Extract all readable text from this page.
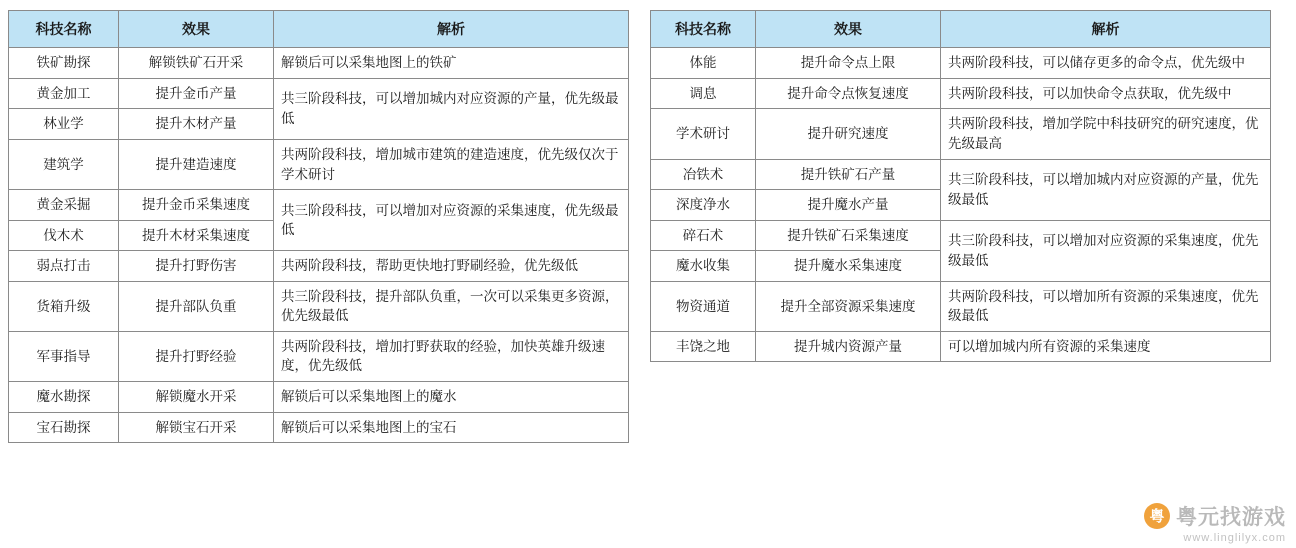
科技名称	效果	解析
铁矿勘探	解锁铁矿石开采	解锁后可以采集地图上的铁矿
黄金加工	提升金币产量	共三阶段科技，可以增加城内对应资源的产量，优先级最低
林业学	提升木材产量	
建筑学	提升建造速度	共两阶段科技，增加城市建筑的建造速度，优先级仅次于学术研讨
黄金采掘	提升金币采集速度	共三阶段科技，可以增加对应资源的采集速度，优先级最低
伐木术	提升木材采集速度	
弱点打击	提升打野伤害	共两阶段科技，帮助更快地打野刷经验，优先级低
货箱升级	提升部队负重	共三阶段科技，提升部队负重，一次可以采集更多资源，优先级最低
军事指导	提升打野经验	共两阶段科技，增加打野获取的经验，加快英雄升级速度，优先级低
魔水勘探	解锁魔水开采	解锁后可以采集地图上的魔水
宝石勘探	解锁宝石开采	解锁后可以采集地图上的宝石
科技名称	效果	解析
体能	提升命令点上限	共两阶段科技，可以储存更多的命令点，优先级中
调息	提升命令点恢复速度	共两阶段科技，可以加快命令点获取，优先级中
学术研讨	提升研究速度	共两阶段科技，增加学院中科技研究的研究速度，优先级最高
冶铁术	提升铁矿石产量	共三阶段科技，可以增加城内对应资源的产量，优先级最低
深度净水	提升魔水产量	
碎石术	提升铁矿石采集速度	共三阶段科技，可以增加对应资源的采集速度，优先级最低
魔水收集	提升魔水采集速度	
物资通道	提升全部资源采集速度	共两阶段科技，可以增加所有资源的采集速度，优先级最低
丰饶之地	提升城内资源产量	可以增加城内所有资源的采集速度
粤 粤元找游戏
www.linglilyx.com
